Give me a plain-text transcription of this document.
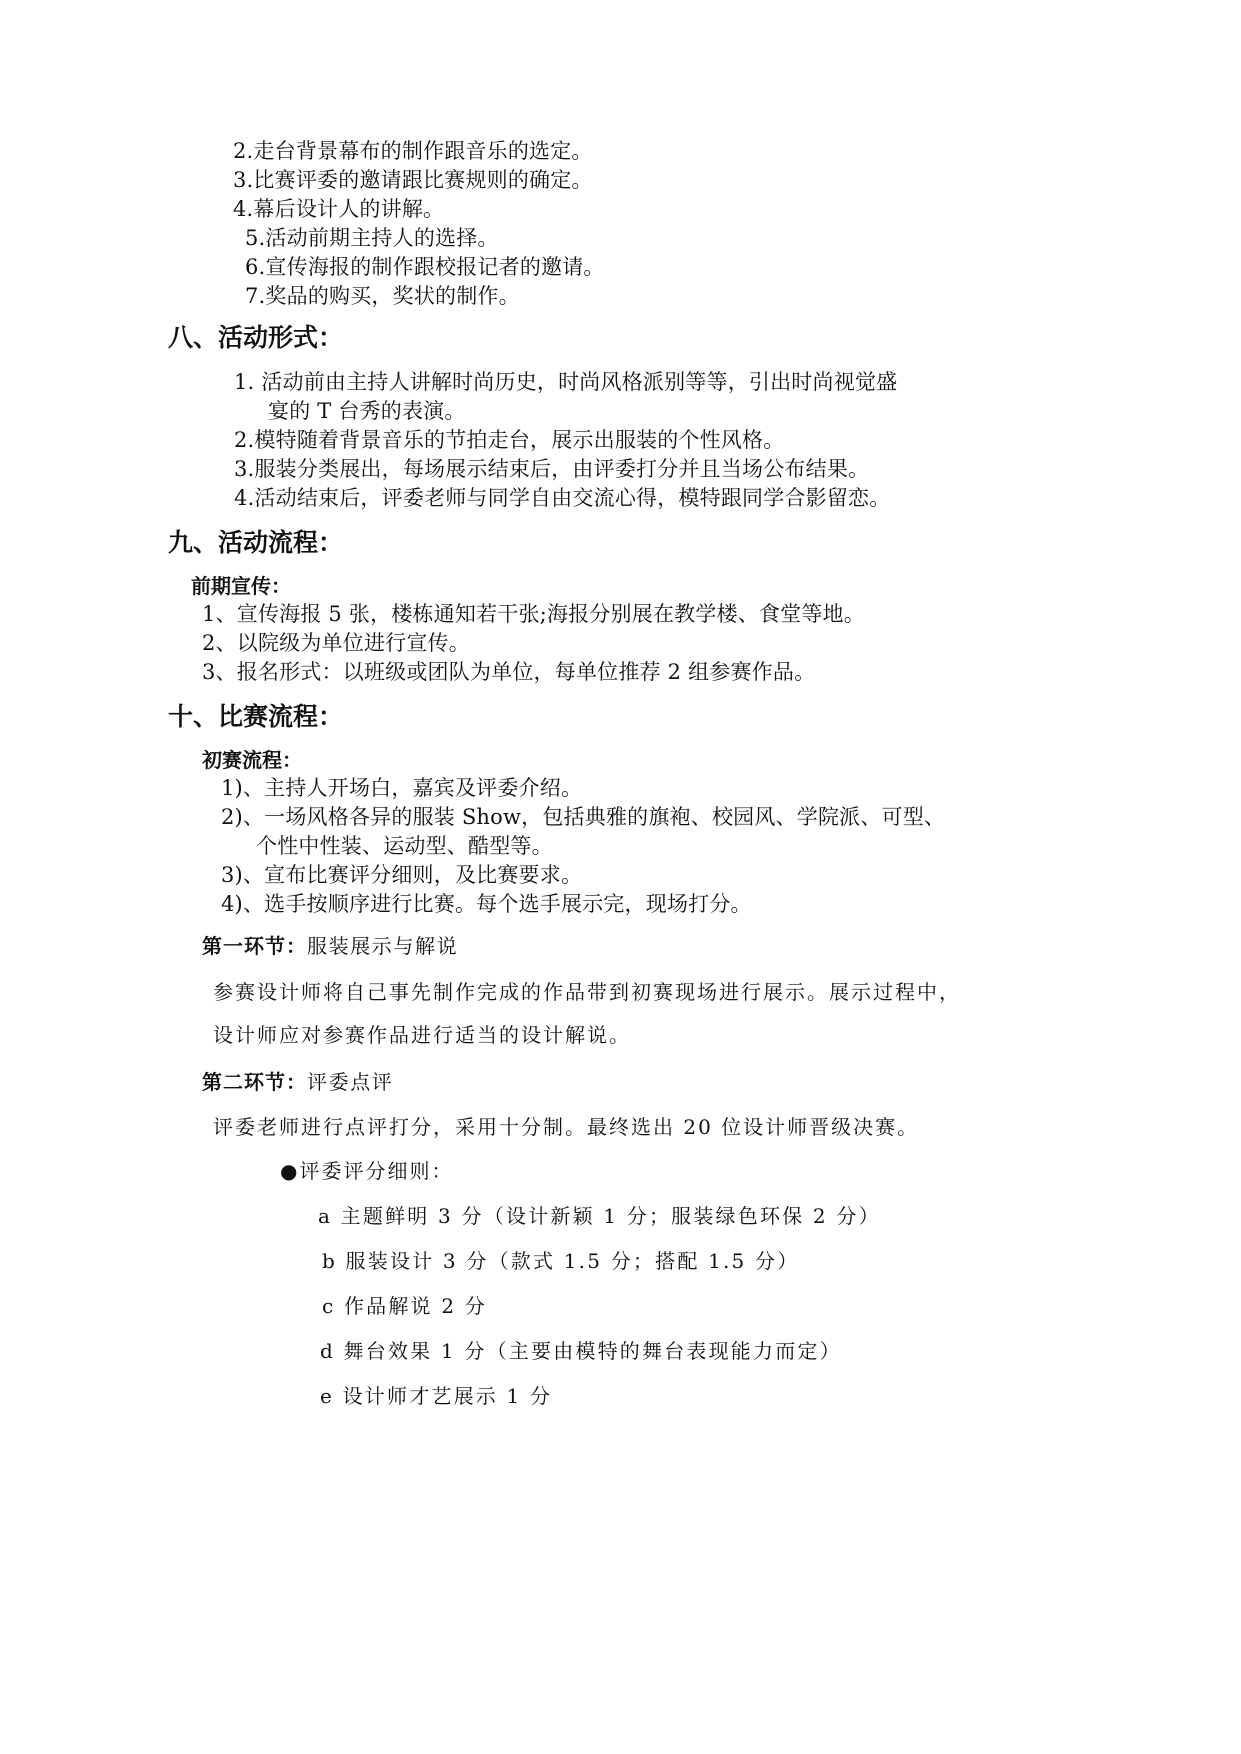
2.走台背景幕布的制作跟音乐的选定。
3.比赛评委的邀请跟比赛规则的确定。
4.幕后设计人的讲解。
5.活动前期主持人的选择。
6.宣传海报的制作跟校报记者的邀请。
7.奖品的购买，奖状的制作。
八、活动形式：
1. 活动前由主持人讲解时尚历史，时尚风格派别等等，引出时尚视觉盛
宴的 T 台秀的表演。
2.模特随着背景音乐的节拍走台，展示出服装的个性风格。
3.服装分类展出，每场展示结束后，由评委打分并且当场公布结果。
4.活动结束后，评委老师与同学自由交流心得，模特跟同学合影留恋。
九、活动流程：
前期宣传：
1、宣传海报 5 张，楼栋通知若干张;海报分别展在教学楼、食堂等地。
2、以院级为单位进行宣传。
3、报名形式：以班级或团队为单位，每单位推荐 2 组参赛作品。
十、比赛流程：
初赛流程：
1)、主持人开场白，嘉宾及评委介绍。
2)、一场风格各异的服装 Show，包括典雅的旗袍、校园风、学院派、可型、
个性中性装、运动型、酷型等。
3)、宣布比赛评分细则，及比赛要求。
4)、选手按顺序进行比赛。每个选手展示完，现场打分。
第一环节：服装展示与解说
参赛设计师将自己事先制作完成的作品带到初赛现场进行展示。展示过程中，
设计师应对参赛作品进行适当的设计解说。
第二环节：评委点评
评委老师进行点评打分，采用十分制。最终选出 20 位设计师晋级决赛。
●评委评分细则：
a 主题鲜明 3 分（设计新颖 1 分；服装绿色环保 2 分）
b 服装设计 3 分（款式 1.5 分；搭配 1.5 分）
c 作品解说 2 分
d 舞台效果 1 分（主要由模特的舞台表现能力而定）
e 设计师才艺展示 1 分
